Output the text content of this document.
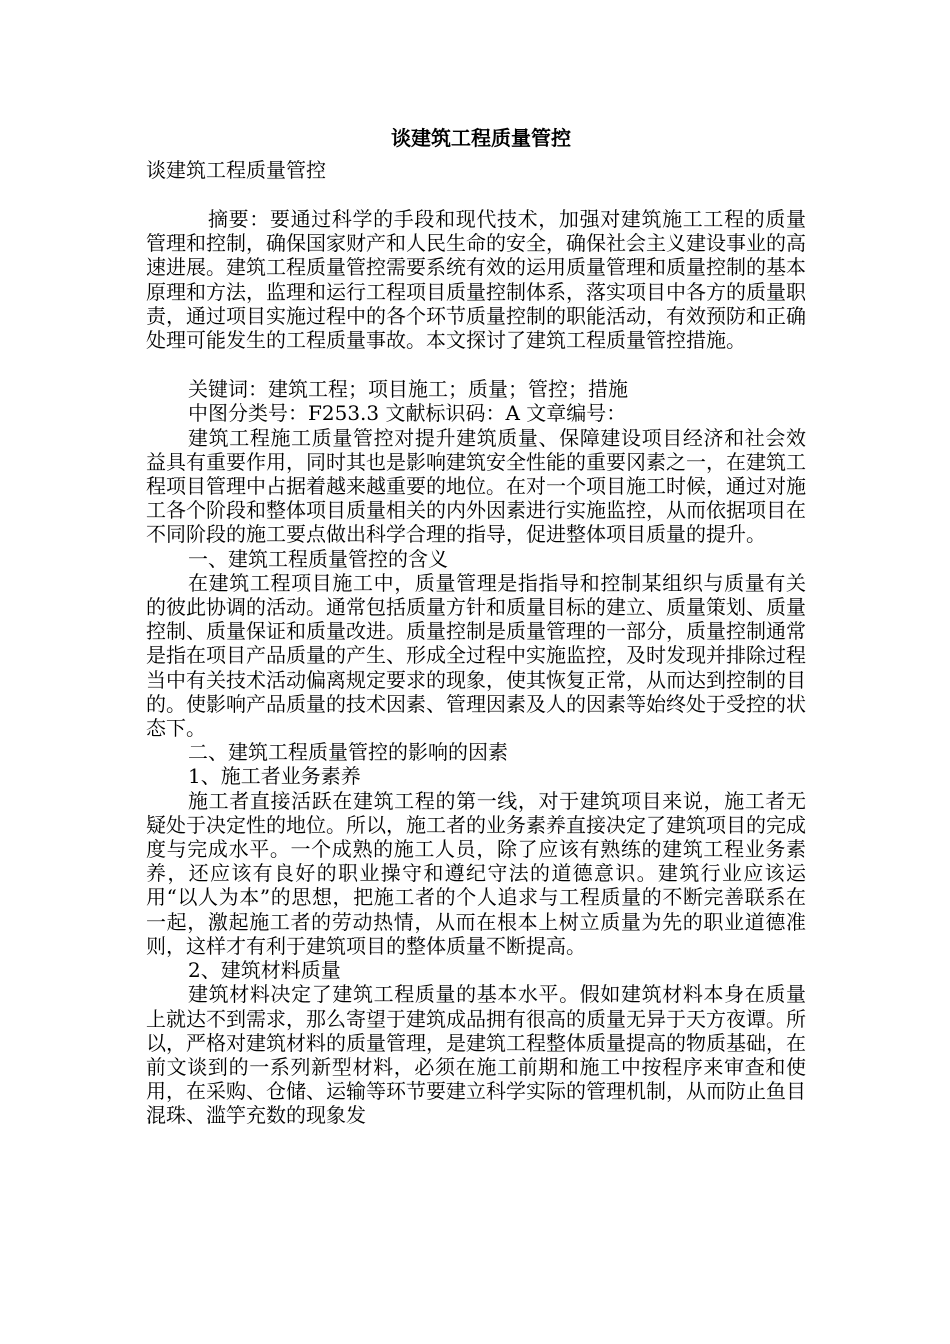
谈建筑工程质量管控
谈建筑工程质量管控

摘要：要通过科学的手段和现代技术，加强对建筑施工工程的质量管理和控制，确保国家财产和人民生命的安全，确保社会主义建设事业的高速进展。建筑工程质量管控需要系统有效的运用质量管理和质量控制的基本原理和方法，监理和运行工程项目质量控制体系，落实项目中各方的质量职责，通过项目实施过程中的各个环节质量控制的职能活动，有效预防和正确处理可能发生的工程质量事故。本文探讨了建筑工程质量管控措施。

关键词：建筑工程；项目施工；质量；管控；措施

中图分类号：F253.3 文献标识码：A 文章编号：

建筑工程施工质量管控对提升建筑质量、保障建设项目经济和社会效益具有重要作用，同时其也是影响建筑安全性能的重要冈素之一，在建筑工程项目管理中占据着越来越重要的地位。在对一个项目施工时候，通过对施工各个阶段和整体项目质量相关的内外因素进行实施监控，从而依据项目在不同阶段的施工要点做出科学合理的指导，促进整体项目质量的提升。

一、建筑工程质量管控的含义

在建筑工程项目施工中，质量管理是指指导和控制某组织与质量有关的彼此协调的活动。通常包括质量方针和质量目标的建立、质量策划、质量控制、质量保证和质量改进。质量控制是质量管理的一部分，质量控制通常是指在项目产品质量的产生、形成全过程中实施监控，及时发现并排除过程当中有关技术活动偏离规定要求的现象，使其恢复正常，从而达到控制的目的。使影响产品质量的技术因素、管理因素及人的因素等始终处于受控的状态下。

二、建筑工程质量管控的影响的因素

1、施工者业务素养

施工者直接活跃在建筑工程的第一线，对于建筑项目来说，施工者无疑处于决定性的地位。所以，施工者的业务素养直接决定了建筑项目的完成度与完成水平。一个成熟的施工人员，除了应该有熟练的建筑工程业务素养，还应该有良好的职业操守和遵纪守法的道德意识。建筑行业应该运用“以人为本”的思想，把施工者的个人追求与工程质量的不断完善联系在一起，激起施工者的劳动热情，从而在根本上树立质量为先的职业道德准则，这样才有利于建筑项目的整体质量不断提高。

2、建筑材料质量

建筑材料决定了建筑工程质量的基本水平。假如建筑材料本身在质量上就达不到需求，那么寄望于建筑成品拥有很高的质量无异于天方夜谭。所以，严格对建筑材料的质量管理，是建筑工程整体质量提高的物质基础，在前文谈到的一系列新型材料，必须在施工前期和施工中按程序来审查和使用，在采购、仓储、运输等环节要建立科学实际的管理机制，从而防止鱼目混珠、滥竽充数的现象发
